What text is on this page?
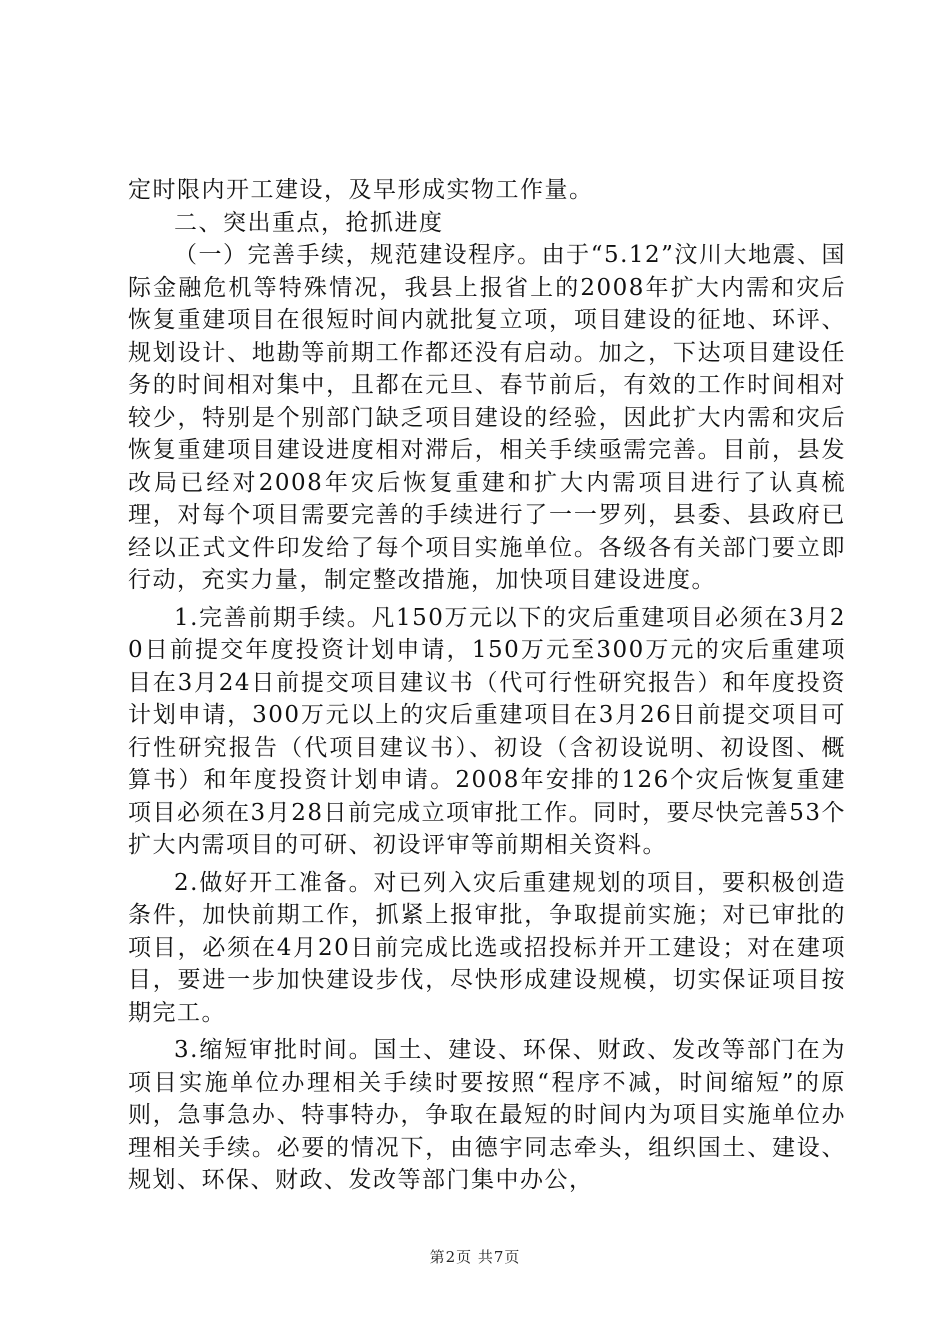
定时限内开工建设，及早形成实物工作量。

二、突出重点，抢抓进度

（一）完善手续，规范建设程序。由于“5.12”汶川大地震、国际金融危机等特殊情况，我县上报省上的2008年扩大内需和灾后恢复重建项目在很短时间内就批复立项，项目建设的征地、环评、规划设计、地勘等前期工作都还没有启动。加之，下达项目建设任务的时间相对集中，且都在元旦、春节前后，有效的工作时间相对较少，特别是个别部门缺乏项目建设的经验，因此扩大内需和灾后恢复重建项目建设进度相对滞后，相关手续亟需完善。目前，县发改局已经对2008年灾后恢复重建和扩大内需项目进行了认真梳理，对每个项目需要完善的手续进行了一一罗列，县委、县政府已经以正式文件印发给了每个项目实施单位。各级各有关部门要立即行动，充实力量，制定整改措施，加快项目建设进度。

1.完善前期手续。凡150万元以下的灾后重建项目必须在3月20日前提交年度投资计划申请，150万元至300万元的灾后重建项目在3月24日前提交项目建议书（代可行性研究报告）和年度投资计划申请，300万元以上的灾后重建项目在3月26日前提交项目可行性研究报告（代项目建议书）、初设（含初设说明、初设图、概算书）和年度投资计划申请。2008年安排的126个灾后恢复重建项目必须在3月28日前完成立项审批工作。同时，要尽快完善53个扩大内需项目的可研、初设评审等前期相关资料。

2.做好开工准备。对已列入灾后重建规划的项目，要积极创造条件，加快前期工作，抓紧上报审批，争取提前实施；对已审批的项目，必须在4月20日前完成比选或招投标并开工建设；对在建项目，要进一步加快建设步伐，尽快形成建设规模，切实保证项目按期完工。

3.缩短审批时间。国土、建设、环保、财政、发改等部门在为项目实施单位办理相关手续时要按照“程序不减，时间缩短”的原则，急事急办、特事特办，争取在最短的时间内为项目实施单位办理相关手续。必要的情况下，由德宇同志牵头，组织国土、建设、规划、环保、财政、发改等部门集中办公，

第2页 共7页
